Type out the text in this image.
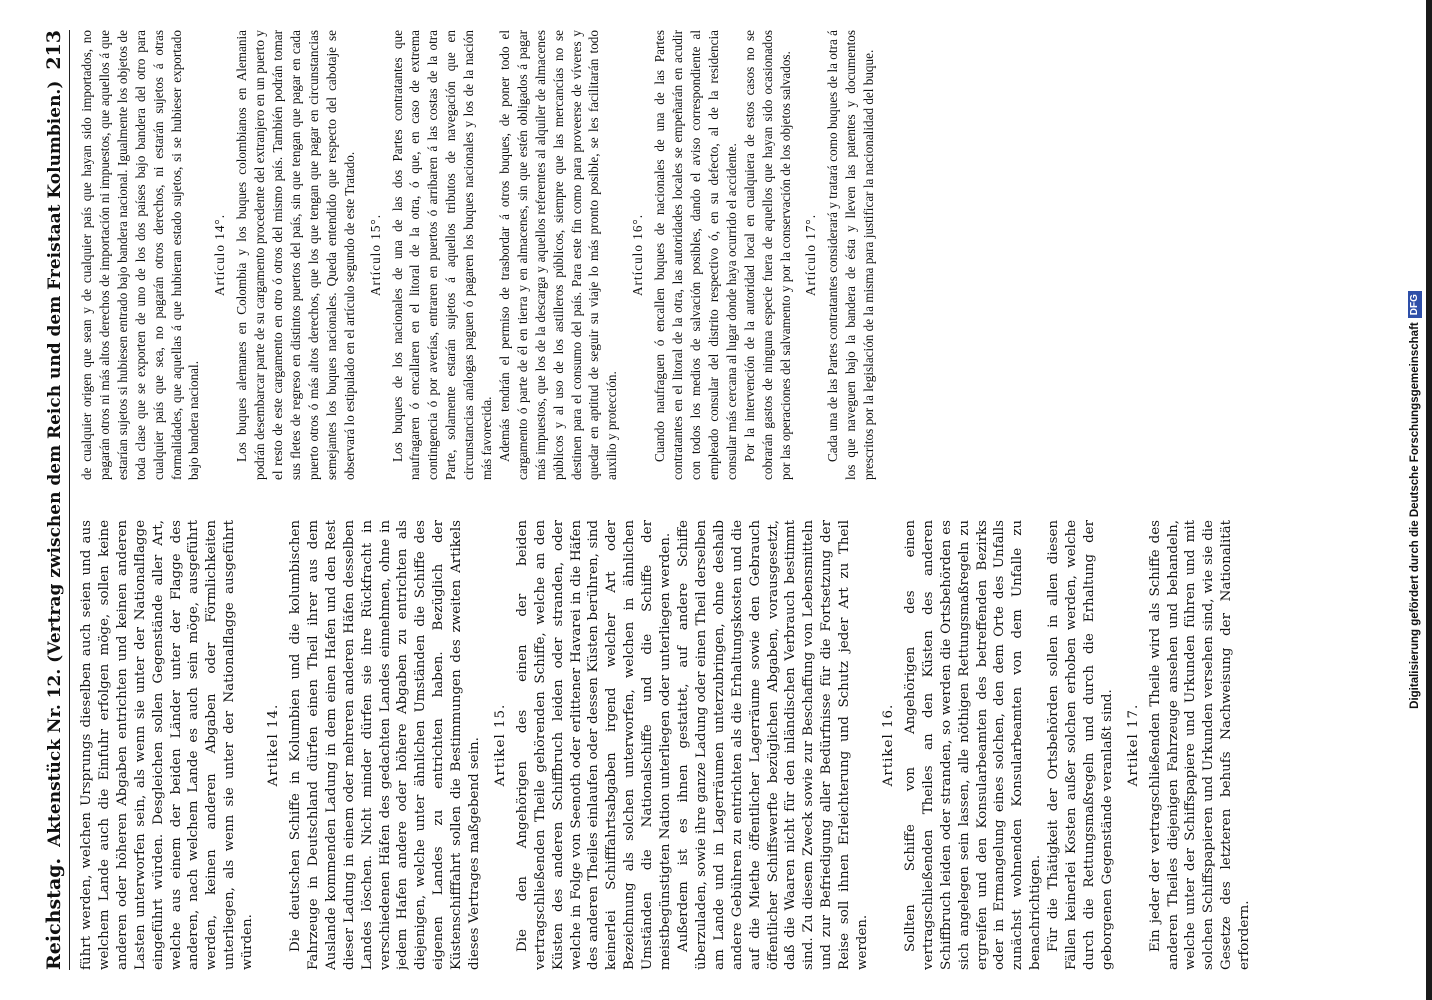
Reichstag.
Aktenstück Nr. 12. (Vertrag zwischen dem Reich und dem Freistaat Kolumbien.)
213

führt werden, welchen Ursprungs dieselben auch seien und aus welchem Lande auch die Einfuhr erfolgen möge, sollen keine anderen oder höheren Abgaben entrichten und keinen anderen Lasten unterworfen sein, als wenn sie unter der Nationalflagge eingeführt würden. Desgleichen sollen Gegenstände aller Art, welche aus einem der beiden Länder unter der Flagge des anderen, nach welchem Lande es auch sein möge, ausgeführt werden, keinen anderen Abgaben oder Förmlichkeiten unterliegen, als wenn sie unter der Nationalflagge ausgeführt würden.

Artikel 14. Die deutschen Schiffe in Kolumbien und die kolumbischen Fahrzeuge in Deutschland dürfen einen Theil ihrer aus dem Auslande kommenden Ladung in dem einen Hafen und den Rest dieser Ladung in einem oder mehreren anderen Häfen desselben Landes löschen. Nicht minder dürfen sie ihre Rückfracht in verschiedenen Häfen des gedachten Landes einnehmen, ohne in jedem Hafen andere oder höhere Abgaben zu entrichten als diejenigen, welche unter ähnlichen Umständen die Schiffe des eigenen Landes zu entrichten haben. Bezüglich der Küstenschifffahrt sollen die Bestimmungen des zweiten Artikels dieses Vertrages maßgebend sein. Artikel 15. Die den Angehörigen des einen der beiden vertragschließenden Theile gehörenden Schiffe, welche an den Küsten des anderen Schiffbruch leiden oder stranden, oder welche in Folge von Seenoth oder erlittener Havarei in die Häfen des anderen Theiles einlaufen oder dessen Küsten berühren, sind keinerlei Schifffahrtsabgaben irgend welcher Art oder Bezeichnung als solchen unterworfen, welchen in ähnlichen Umständen die Nationalschiffe und die Schiffe der meistbegünstigten Nation unterliegen oder unterliegen werden. Außerdem ist es ihnen gestattet, auf andere Schiffe überzuladen, sowie ihre ganze Ladung oder einen Theil derselben am Lande und in Lagerräumen unterzubringen, ohne deshalb andere Gebühren zu entrichten als die Erhaltungskosten und die auf die Miethe öffentlicher Lagerräume sowie den Gebrauch öffentlicher Schiffswerfte bezüglichen Abgaben, vorausgesetzt, daß die Waaren nicht für den inländischen Verbrauch bestimmt sind. Zu diesem Zweck sowie zur Beschaffung von Lebensmitteln und zur Befriedigung aller Bedürfnisse für die Fortsetzung der Reise soll ihnen Erleichterung und Schutz jeder Art zu Theil werden.

Artikel 16. Sollten Schiffe von Angehörigen des einen vertragschließenden Theiles an den Küsten des anderen Schiffbruch leiden oder stranden, so werden die Ortsbehörden es sich angelegen sein lassen, alle nöthigen Rettungsmaßregeln zu ergreifen und den Konsularbeamten des betreffenden Bezirks oder in Ermangelung eines solchen, den dem Orte des Unfalls zunächst wohnenden Konsularbeamten von dem Unfalle zu benachrichtigen. Für die Thätigkeit der Ortsbehörden sollen in allen diesen Fällen keinerlei Kosten außer solchen erhoben werden, welche durch die Rettungsmaßregeln und durch die Erhaltung der geborgenen Gegenstände veranlaßt sind. Artikel 17. Ein jeder der vertragschließenden Theile wird als Schiffe des anderen Theiles diejenigen Fahrzeuge ansehen und behandeln, welche unter der Schiffspapiere und Urkunden führen und mit solchen Schiffspapieren und Urkunden versehen sind, wie sie die Gesetze des letzteren behufs Nachweisung der Nationalität erfordern.

de cualquier origen que sean y de cualquier país que hayan sido importados, no pagarán otros ni más altos derechos de importación ni impuestos, que aquellos á que estarían sujetos si hubiesen entrado bajo bandera nacional. Igualmente los objetos de toda clase que se exporten de uno de los dos países bajo bandera del otro para cualquier país que sea, no pagarán otros derechos, ni estarán sujetos á otras formalidades, que aquellas á que hubieran estado sujetos, si se hubieser exportado bajo bandera nacional.

Artículo 14°. Los buques alemanes en Colombia y los buques colombianos en Alemania podrán desembarcar parte de su cargamento procedente del extranjero en un puerto y el resto de este cargamento en otro ó otros del mismo país. También podrán tomar sus fletes de regreso en distintos puertos del país, sin que tengan que pagar en cada puerto otros ó más altos derechos, que los que tengan que pagar en circunstancias semejantes los buques nacionales. Queda entendido que respecto del cabotaje se observará lo estipulado en el artículo segundo de este Tratado. Artículo 15°. Los buques de los nacionales de una de las dos Partes contratantes que naufragaren ó encallaren en el litoral de la otra, ó que, en caso de extrema contingencia ó por averías, entraren en puertos ó arribaren á las costas de la otra Parte, solamente estarán sujetos á aquellos tributos de navegación que en circunstancias análogas paguen ó pagaren los buques nacionales y los de la nación más favorecida. Además tendrán el permiso de trasbordar á otros buques, de poner todo el cargamento ó parte de él en tierra y en almacenes, sin que estén obligados á pagar más impuestos, que los de la descarga y aquellos referentes al alquiler de almacenes públicos y al uso de los astilleros públicos, siempre que las mercancías no se destinen para el consumo del país. Para este fin como para proveerse de víveres y quedar en aptitud de seguir su viaje lo más pronto posible, se les facilitarán todo auxilio y protección.

Artículo 16°. Cuando naufraguen ó encallen buques de nacionales de una de las Partes contratantes en el litoral de la otra, las autoridades locales se empeñarán en acudir con todos los medios de salvación posibles, dando el aviso correspondiente al empleado consular del distrito respectivo ó, en su defecto, al de la residencia consular más cercana al lugar donde haya ocurrido el accidente. Por la intervención de la autoridad local en cualquiera de estos casos no se cobrarán gastos de ninguna especie fuera de aquellos que hayan sido ocasionados por las operaciones del salvamento y por la conservación de los objetos salvados. Artículo 17°. Cada una de las Partes contratantes considerará y tratará como buques de la otra á los que naveguen bajo la bandera de ésta y lleven las patentes y documentos prescritos por la legislación de la misma para justificar la nacionalidad del buque.

Digitalisierung gefördert durch die Deutsche ForschungsgemeinschaftDFG
